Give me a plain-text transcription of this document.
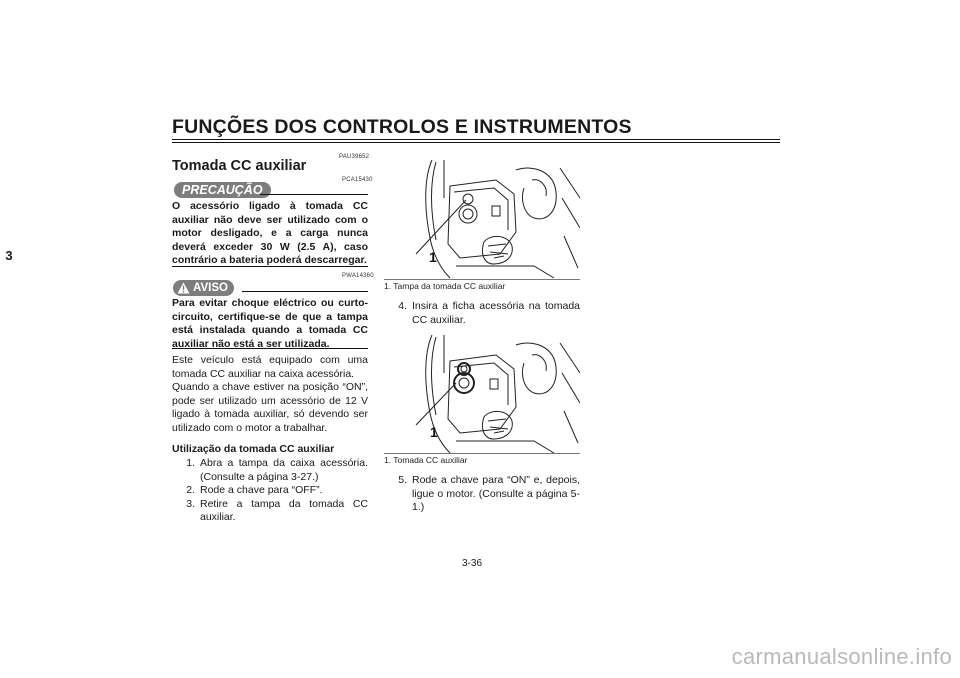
FUNÇÕES DOS CONTROLOS E INSTRUMENTOS
3
PAU39652
Tomada CC auxiliar
PCA15430
PRECAUÇÃO

O acessório ligado à tomada CC auxiliar não deve ser utilizado com o motor desligado, e a carga nunca deverá exceder 30 W (2.5 A), caso contrário a bateria poderá descarregar.

PWA14360
AVISO

Para evitar choque eléctrico ou curto-circuito, certifique-se de que a tampa está instalada quando a tomada CC auxiliar não está a ser utilizada.

Este veículo está equipado com uma tomada CC auxiliar na caixa acessória.

Quando a chave estiver na posição “ON”, pode ser utilizado um acessório de 12 V ligado à tomada auxiliar, só devendo ser utilizado com o motor a trabalhar.

Utilização da tomada CC auxiliar
1. Abra a tampa da caixa acessória. (Consulte a página 3-27.)
2. Rode a chave para “OFF”.
3. Retire a tampa da tomada CC auxiliar.
1
1. Tampa da tomada CC auxiliar
4. Insira a ficha acessória na tomada CC auxiliar.
1
1. Tomada CC auxiliar
5. Rode a chave para “ON” e, depois, ligue o motor. (Consulte a página 5-1.)
3-36
carmanualsonline.info
